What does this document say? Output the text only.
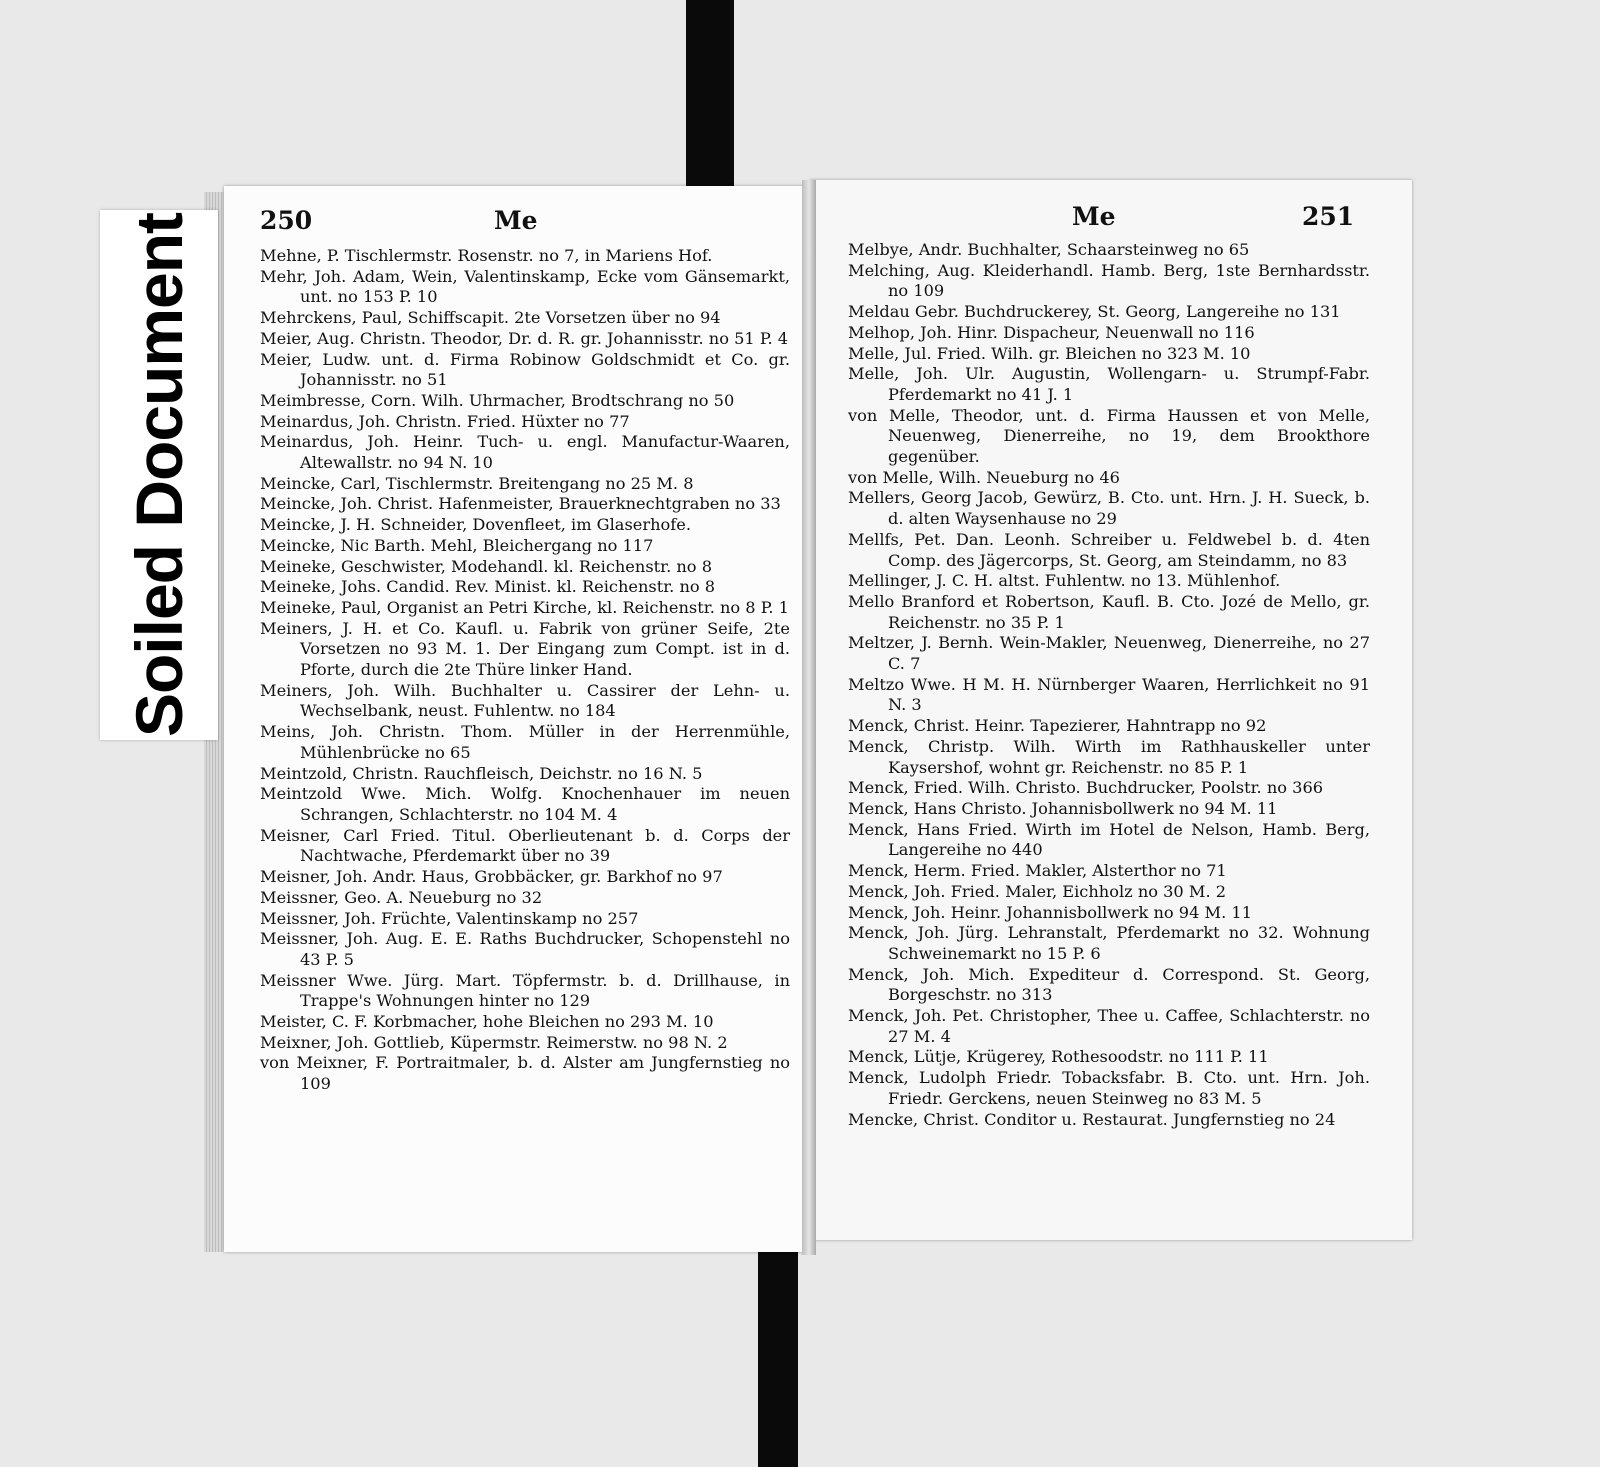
250	Me

Mehne, P. Tischlermstr. Rosenstr. no 7, in Mariens Hof.

Mehr, Joh. Adam, Wein, Valentinskamp, Ecke vom Gänsemarkt, unt. no 153 P. 10

Mehrckens, Paul, Schiffscapit. 2te Vorsetzen über no 94

Meier, Aug. Christn. Theodor, Dr. d. R. gr. Johannisstr. no 51 P. 4

Meier, Ludw. unt. d. Firma Robinow Goldschmidt et Co. gr. Johannisstr. no 51

Meimbresse, Corn. Wilh. Uhrmacher, Brodtschrang no 50

Meinardus, Joh. Christn. Fried. Hüxter no 77

Meinardus, Joh. Heinr. Tuch- u. engl. Manufactur-Waaren, Altewallstr. no 94 N. 10

Meincke, Carl, Tischlermstr. Breitengang no 25 M. 8

Meincke, Joh. Christ. Hafenmeister, Brauerknechtgraben no 33

Meincke, J. H. Schneider, Dovenfleet, im Glaserhofe.

Meincke, Nic Barth. Mehl, Bleichergang no 117

Meineke, Geschwister, Modehandl. kl. Reichenstr. no 8

Meineke, Johs. Candid. Rev. Minist. kl. Reichenstr. no 8

Meineke, Paul, Organist an Petri Kirche, kl. Reichenstr. no 8 P. 1

Meiners, J. H. et Co. Kaufl. u. Fabrik von grüner Seife, 2te Vorsetzen no 93 M. 1. Der Eingang zum Compt. ist in d. Pforte, durch die 2te Thüre linker Hand.

Meiners, Joh. Wilh. Buchhalter u. Cassirer der Lehn- u. Wechselbank, neust. Fuhlentw. no 184

Meins, Joh. Christn. Thom. Müller in der Herrenmühle, Mühlenbrücke no 65

Meintzold, Christn. Rauchfleisch, Deichstr. no 16 N. 5

Meintzold Wwe. Mich. Wolfg. Knochenhauer im neuen Schrangen, Schlachterstr. no 104 M. 4

Meisner, Carl Fried. Titul. Oberlieutenant b. d. Corps der Nachtwache, Pferdemarkt über no 39

Meisner, Joh. Andr. Haus, Grobbäcker, gr. Barkhof no 97

Meissner, Geo. A. Neueburg no 32

Meissner, Joh. Früchte, Valentinskamp no 257

Meissner, Joh. Aug. E. E. Raths Buchdrucker, Schopenstehl no 43 P. 5

Meissner Wwe. Jürg. Mart. Töpfermstr. b. d. Drillhause, in Trappe's Wohnungen hinter no 129

Meister, C. F. Korbmacher, hohe Bleichen no 293 M. 10

Meixner, Joh. Gottlieb, Küpermstr. Reimerstw. no 98 N. 2

von Meixner, F. Portraitmaler, b. d. Alster am Jungfernstieg no 109

Me	251

Melbye, Andr. Buchhalter, Schaarsteinweg no 65

Melching, Aug. Kleiderhandl. Hamb. Berg, 1ste Bernhardsstr. no 109

Meldau Gebr. Buchdruckerey, St. Georg, Langereihe no 131

Melhop, Joh. Hinr. Dispacheur, Neuenwall no 116

Melle, Jul. Fried. Wilh. gr. Bleichen no 323 M. 10

Melle, Joh. Ulr. Augustin, Wollengarn- u. Strumpf-Fabr. Pferdemarkt no 41 J. 1

von Melle, Theodor, unt. d. Firma Haussen et von Melle, Neuenweg, Dienerreihe, no 19, dem Brookthore gegenüber.

von Melle, Wilh. Neueburg no 46

Mellers, Georg Jacob, Gewürz, B. Cto. unt. Hrn. J. H. Sueck, b. d. alten Waysenhause no 29

Mellfs, Pet. Dan. Leonh. Schreiber u. Feldwebel b. d. 4ten Comp. des Jägercorps, St. Georg, am Steindamm, no 83

Mellinger, J. C. H. altst. Fuhlentw. no 13. Mühlenhof.

Mello Branford et Robertson, Kaufl. B. Cto. Jozé de Mello, gr. Reichenstr. no 35 P. 1

Meltzer, J. Bernh. Wein-Makler, Neuenweg, Dienerreihe, no 27 C. 7

Meltzo Wwe. H M. H. Nürnberger Waaren, Herrlichkeit no 91 N. 3

Menck, Christ. Heinr. Tapezierer, Hahntrapp no 92

Menck, Christp. Wilh. Wirth im Rathhauskeller unter Kaysershof, wohnt gr. Reichenstr. no 85 P. 1

Menck, Fried. Wilh. Christo. Buchdrucker, Poolstr. no 366

Menck, Hans Christo. Johannisbollwerk no 94 M. 11

Menck, Hans Fried. Wirth im Hotel de Nelson, Hamb. Berg, Langereihe no 440

Menck, Herm. Fried. Makler, Alsterthor no 71

Menck, Joh. Fried. Maler, Eichholz no 30 M. 2

Menck, Joh. Heinr. Johannisbollwerk no 94 M. 11

Menck, Joh. Jürg. Lehranstalt, Pferdemarkt no 32. Wohnung Schweinemarkt no 15 P. 6

Menck, Joh. Mich. Expediteur d. Correspond. St. Georg, Borgeschstr. no 313

Menck, Joh. Pet. Christopher, Thee u. Caffee, Schlachterstr. no 27 M. 4

Menck, Lütje, Krügerey, Rothesoodstr. no 111 P. 11

Menck, Ludolph Friedr. Tobacksfabr. B. Cto. unt. Hrn. Joh. Friedr. Gerckens, neuen Steinweg no 83 M. 5

Mencke, Christ. Conditor u. Restaurat. Jungfernstieg no 24

Soiled Document
